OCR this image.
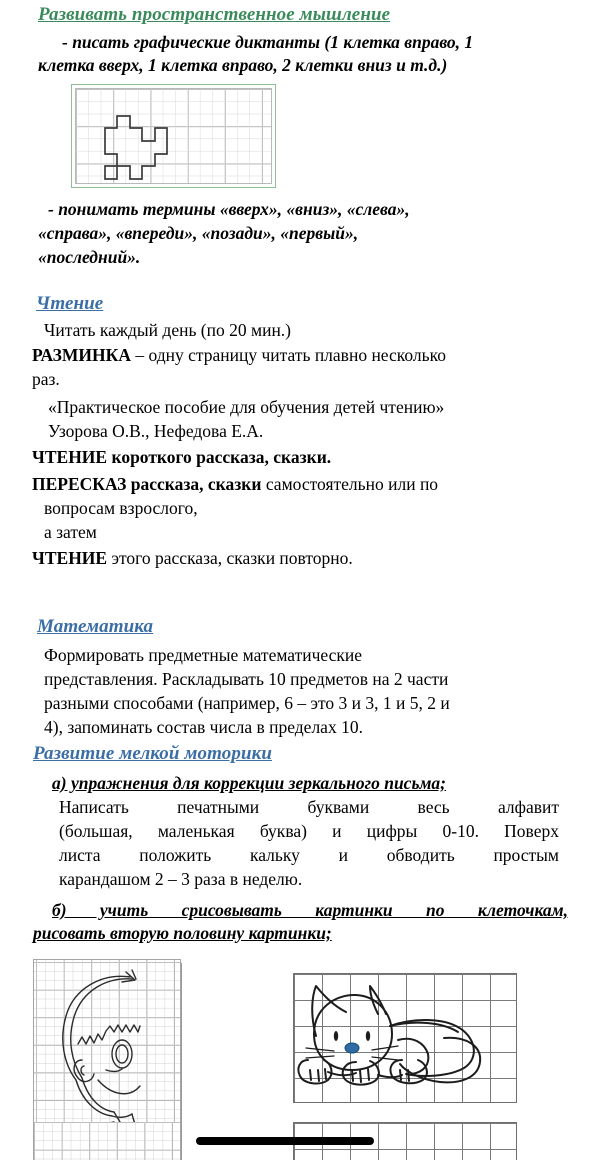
Развивать пространственное мышление
- писать графические диктанты (1 клетка вправо, 1
клетка вверх, 1 клетка вправо, 2 клетки вниз и т.д.)
- понимать термины «вверх», «вниз», «слева»,
«справа», «впереди», «позади», «первый»,
«последний».
Чтение
Читать каждый день (по 20 мин.)
РАЗМИНКА – одну страницу читать плавно несколько
раз.
«Практическое пособие для обучения детей чтению»
Узорова О.В., Нефедова Е.А.
ЧТЕНИЕ короткого рассказа, сказки.
ПЕРЕСКАЗ рассказа, сказки самостоятельно или по
вопросам взрослого,
а затем
ЧТЕНИЕ этого рассказа, сказки повторно.
Математика
Формировать предметные математические
представления. Раскладывать 10 предметов на 2 части
разными способами (например, 6 – это 3 и 3, 1 и 5, 2 и
4), запоминать состав числа в пределах 10.
Развитие мелкой моторики
а) упражнения для коррекции зеркального письма;
Написать печатными буквами весь алфавит
(большая, маленькая буква) и цифры 0-10. Поверх
листа положить кальку и обводить простым
карандашом 2 – 3 раза в неделю.
б) учить срисовывать картинки по клеточкам,
рисовать вторую половину картинки;
